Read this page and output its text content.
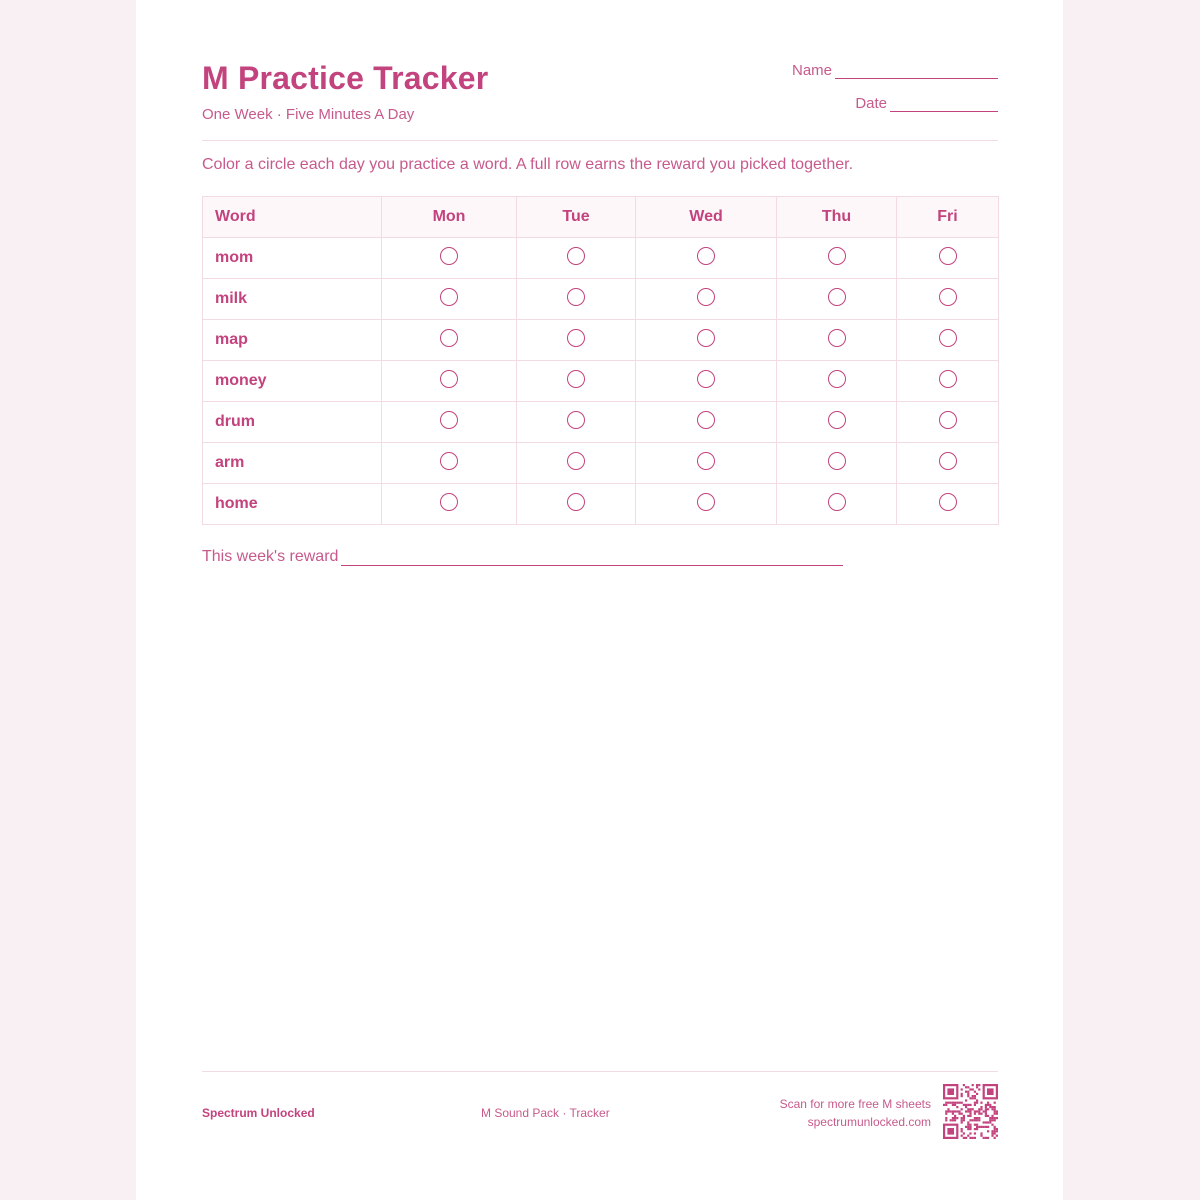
M Practice Tracker
One Week · Five Minutes A Day
Name
Date
Color a circle each day you practice a word. A full row earns the reward you picked together.
Word	Mon	Tue	Wed	Thu	Fri
mom					
milk					
map					
money					
drum					
arm					
home					
This week's reward
Spectrum Unlocked	M Sound Pack · Tracker
Scan for more free M sheets
spectrumunlocked.com
